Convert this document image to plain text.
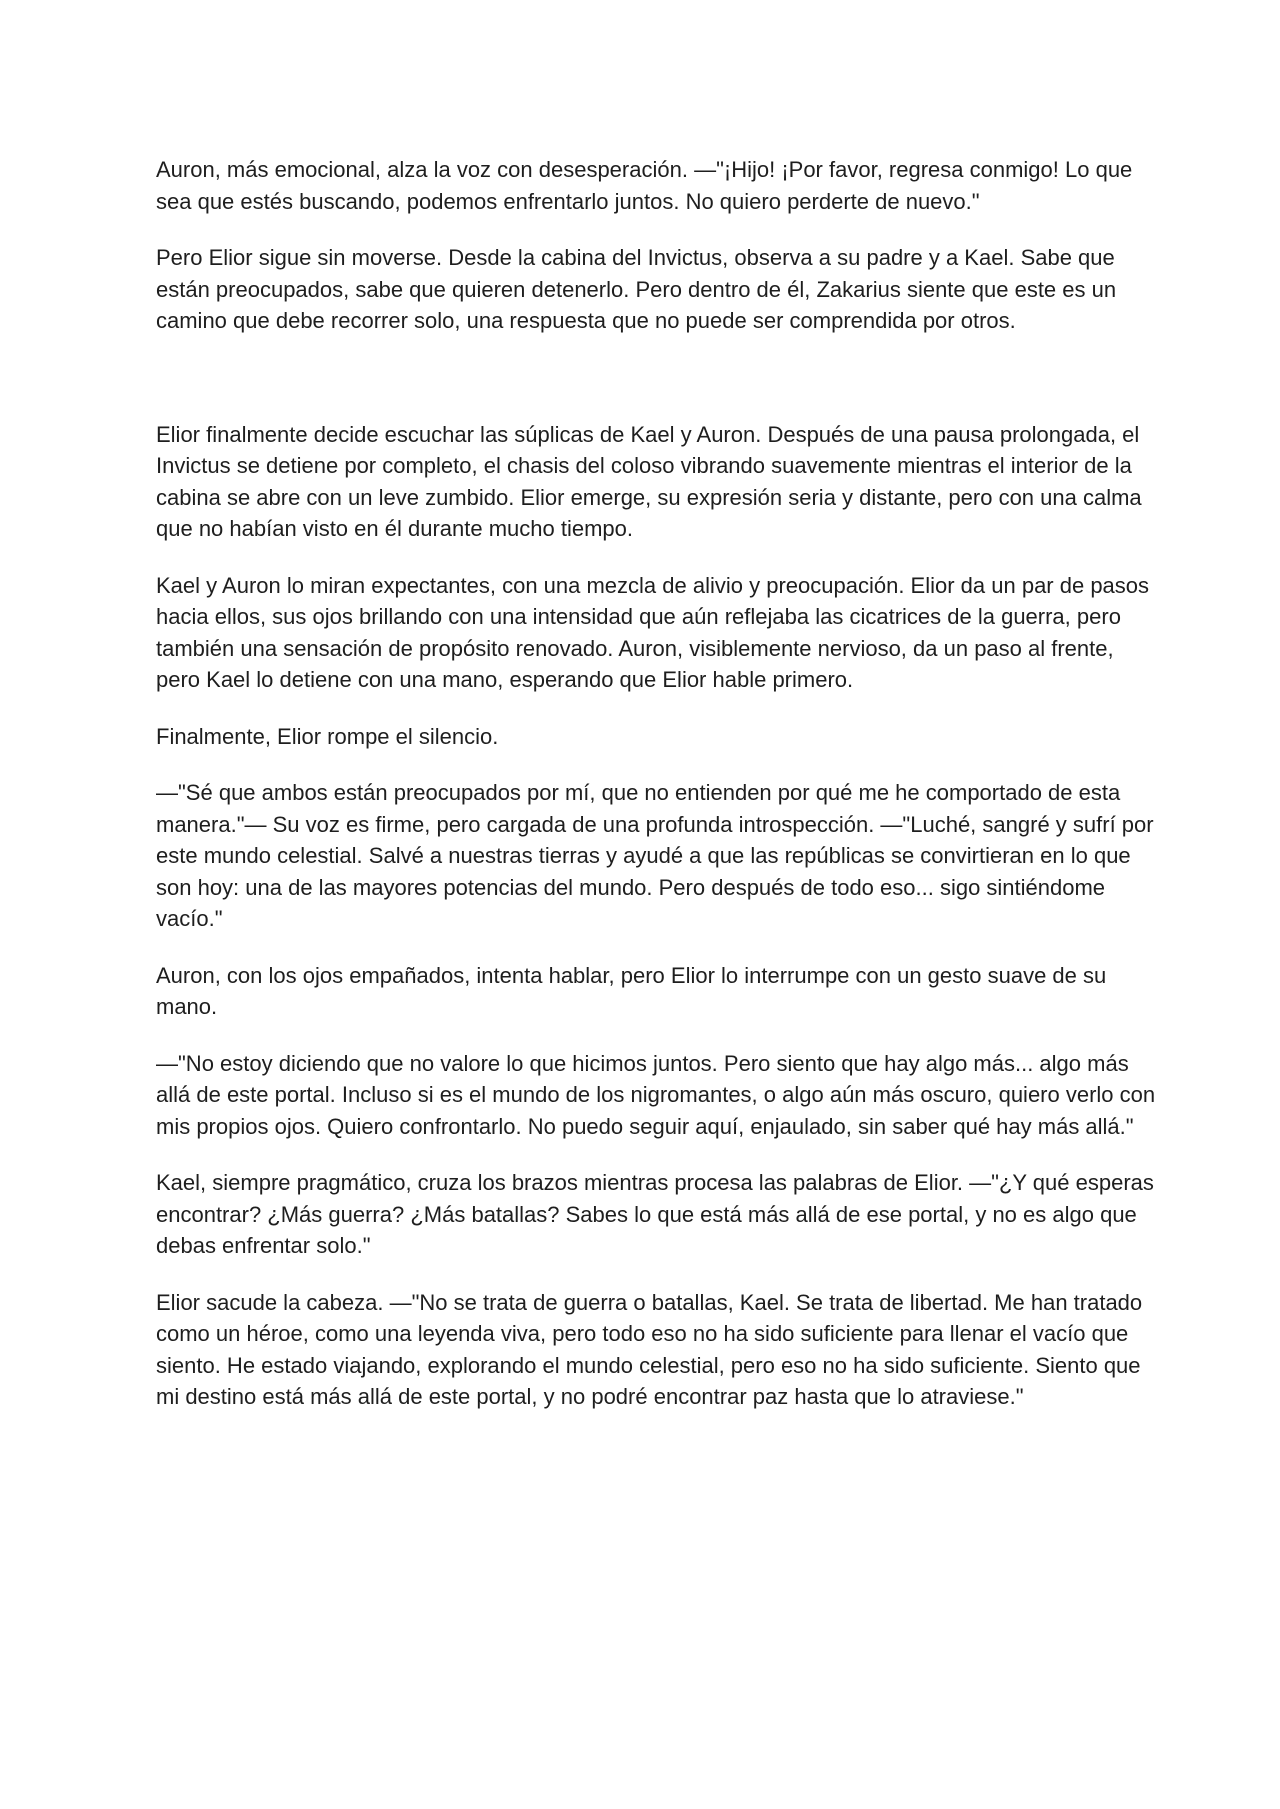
Auron, más emocional, alza la voz con desesperación. —"¡Hijo! ¡Por favor, regresa conmigo! Lo que sea que estés buscando, podemos enfrentarlo juntos. No quiero perderte de nuevo."

Pero Elior sigue sin moverse. Desde la cabina del Invictus, observa a su padre y a Kael. Sabe que están preocupados, sabe que quieren detenerlo. Pero dentro de él, Zakarius siente que este es un camino que debe recorrer solo, una respuesta que no puede ser comprendida por otros.

Elior finalmente decide escuchar las súplicas de Kael y Auron. Después de una pausa prolongada, el Invictus se detiene por completo, el chasis del coloso vibrando suavemente mientras el interior de la cabina se abre con un leve zumbido. Elior emerge, su expresión seria y distante, pero con una calma que no habían visto en él durante mucho tiempo.

Kael y Auron lo miran expectantes, con una mezcla de alivio y preocupación. Elior da un par de pasos hacia ellos, sus ojos brillando con una intensidad que aún reflejaba las cicatrices de la guerra, pero también una sensación de propósito renovado. Auron, visiblemente nervioso, da un paso al frente, pero Kael lo detiene con una mano, esperando que Elior hable primero.

Finalmente, Elior rompe el silencio.

—"Sé que ambos están preocupados por mí, que no entienden por qué me he comportado de esta manera."— Su voz es firme, pero cargada de una profunda introspección. —"Luché, sangré y sufrí por este mundo celestial. Salvé a nuestras tierras y ayudé a que las repúblicas se convirtieran en lo que son hoy: una de las mayores potencias del mundo. Pero después de todo eso... sigo sintiéndome vacío."

Auron, con los ojos empañados, intenta hablar, pero Elior lo interrumpe con un gesto suave de su mano.

—"No estoy diciendo que no valore lo que hicimos juntos. Pero siento que hay algo más... algo más allá de este portal. Incluso si es el mundo de los nigromantes, o algo aún más oscuro, quiero verlo con mis propios ojos. Quiero confrontarlo. No puedo seguir aquí, enjaulado, sin saber qué hay más allá."

Kael, siempre pragmático, cruza los brazos mientras procesa las palabras de Elior. —"¿Y qué esperas encontrar? ¿Más guerra? ¿Más batallas? Sabes lo que está más allá de ese portal, y no es algo que debas enfrentar solo."

Elior sacude la cabeza. —"No se trata de guerra o batallas, Kael. Se trata de libertad. Me han tratado como un héroe, como una leyenda viva, pero todo eso no ha sido suficiente para llenar el vacío que siento. He estado viajando, explorando el mundo celestial, pero eso no ha sido suficiente. Siento que mi destino está más allá de este portal, y no podré encontrar paz hasta que lo atraviese."
